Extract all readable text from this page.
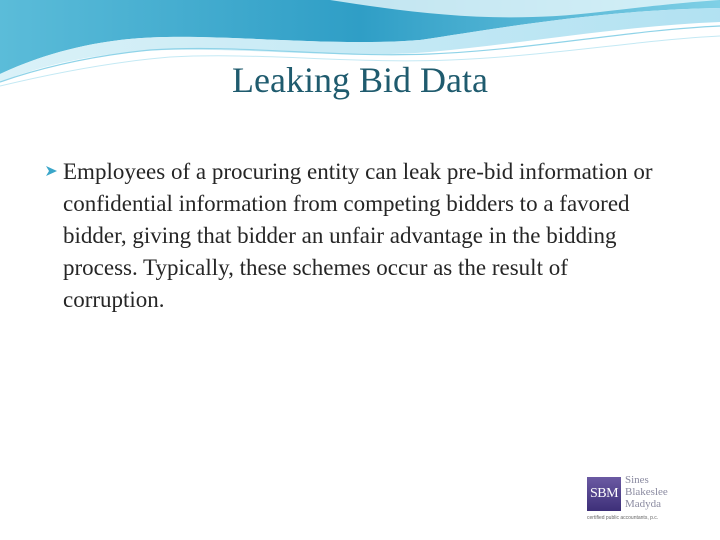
Leaking Bid Data
Employees of a procuring entity can leak pre-bid information or confidential information from competing bidders to a favored bidder, giving that bidder an unfair advantage in the bidding process. Typically, these schemes occur as the result of corruption.
SBM
Sines
Blakeslee
Madyda
certified public accountants, p.c.
